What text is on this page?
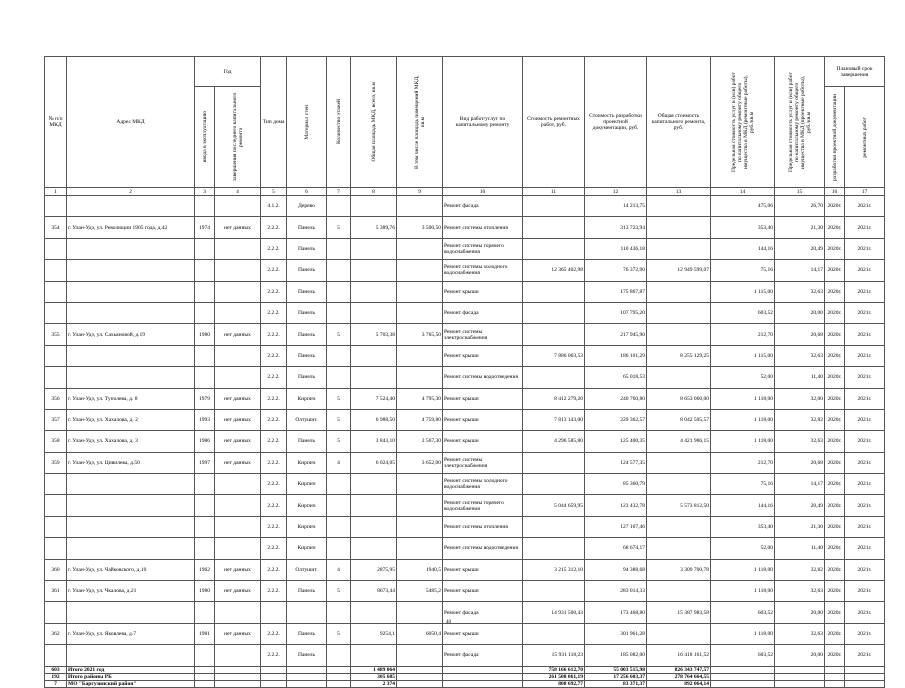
№ п/п МКД	Адрес МКД	Год		Тип дома	Материал стен	Количество этажей	Общая площадь МКД, всего, кв.м	В том числе площадь помещений МКД, кв.м	Вид работ/услуг по капитальному ремонту	Стоимость ремонтных работ, руб.	Стоимость разработки проектной документации, руб.	Общая стоимость капитального ремонта, руб.	Предельная стоимость услуг и (или) работ по капитальному ремонту общего имущества в МКД (ремонтные работы), руб./кв.м	Предельная стоимость услуг и (или) работ по капитальному ремонту общего имущества в МКД (проектные работы), руб./кв.м	Плановый срок завершения	

		ввода в эксплуатацию	завершения последнего капитального ремонта												разработки проектной документации	ремонтных работ

1	2	3	4	5	6	7	8	9	10	11	12	13	14	15	16	17
				4.1.2.	Дерево				Ремонт фасада		14 213,75		475,06	26,70	2020г.	2021г.
354	г. Улан-Удэ, ул. Революции 1905 года, д.42	1974	нет данных	2.2.2.	Панель	5	5 389,76	3 500,50	Ремонт системы отопления		313 723,94		353,40	21,30	2020г.	2021г.
				2.2.2.	Панель				Ремонт системы горячего водоснабжения		110 436,18		144,16	20,49	2020г.	2021г.
				2.2.2.	Панель				Ремонт системы холодного водоснабжения	12 365 402,98	76 372,90	12 949 599,07	75,16	14,17	2020г.	2021г.
				2.2.2.	Панель				Ремонт крыши		175 867,87		1 115,00	32,63	2020г.	2021г.
				2.2.2.	Панель				Ремонт фасада		107 795,20		603,52	20,00	2020г.	2021г.
355	г. Улан-Удэ, ул. Сахьяновой, д.19	1980	нет данных	2.2.2.	Панель	5	5 703,38	3 765,50	Ремонт системы электроснабжения		217 945,90		212,70	20,68	2020г.	2021г.
				2.2.2.	Панель				Ремонт крыши	7 886 063,53	186 101,29	8 255 129,25	1 115,00	32,63	2020г.	2021г.
				2.2.2.	Панель				Ремонт системы водоотведения		65 018,53		52,00	11,40	2020г.	2021г.
356	г. Улан-Удэ, ул. Туполева, д. 8	1979	нет данных	2.2.2.	Кирпич	5	7 524,40	4 795,30	Ремонт крыши	8 412 279,20	240 760,80	8 653 060,00	1 118,00	32,00	2020г.	2021г.
357	г. Улан-Удэ, ул. Хахалова, д. 2	1993	нет данных	2.2.2.	Олтушит.	5	6 988,50	4 759,80	Ремонт крыши	7 813 143,00	229 362,57	8 042 505,57	1 118,00	32,82	2020г.	2021г.
358	г. Улан-Удэ, ул. Хахалова, д. 3	1986	нет данных	2.2.2.	Панель	5	3 843,10	2 567,30	Ремонт крыши	4 296 585,80	125 400,35	4 421 986,15	1 118,00	32,63	2020г.	2021г.
359	г. Улан-Удэ, ул. Цивилева, д.50	1997	нет данных	2.2.2.	Кирпич	4	6 024,05	3 652,00	Ремонт системы электроснабжения		124 577,35		212,70	20,68	2020г.	2021г.
				2.2.2.	Кирпич				Ремонт системы холодного водоснабжения		85 360,79		75,16	14,17	2020г.	2021г.
				2.2.2.	Кирпич				Ремонт системы горячего водоснабжения	5 044 659,95	123 432,78	5 573 812,50	144,16	20,49	2020г.	2021г.
				2.2.2.	Кирпич				Ремонт системы отопления		127 107,46		353,40	21,30	2020г.	2021г.
				2.2.2.	Кирпич				Ремонт системы водоотведения		68 674,17		52,00	11,40	2020г.	2021г.
360	г. Улан-Удэ, ул. Чайковского, д.10	1962	нет данных	2.2.2.	Олтушит.	4	2875,95	1940,5	Ремонт крыши	3 215 312,10	94 388,68	3 309 700,78	1 118,00	32,82	2020г.	2021г.
361	г. Улан-Удэ, ул. Чкалова, д.21	1980	нет данных	2.2.2.	Панель	5	8673,44	5485,2	Ремонт крыши		283 014,33		1 118,00	32,63	2020г.	2021г.
									Ремонт фасада	14 931 500,43	173 468,80	15 387 983,58	603,52	20,00	2020г.	2021г.
362	г. Улан-Удэ, ул. Яковлева, д.7	1981	нет данных	2.2.2.	Панель	5	9254,1	6050,4	Ремонт крыши		301 961,28		1 118,00	32,63	2020г.	2021г.
				2.2.2.	Панель				Ремонт фасада	15 931 118,23	185 082,00	16 418 161,52	603,52	20,00	2020г.	2021г.
603	Итого 2021 год						1 489 064			758 166 612,70	55 003 515,98	826 343 747,57				
192	Итого районы РБ						305 685			261 508 061,19	17 256 603,37	278 764 664,55				
7	МО "Баргузинский район"						2 374			808 692,77	83 371,37	892 064,14				
40
